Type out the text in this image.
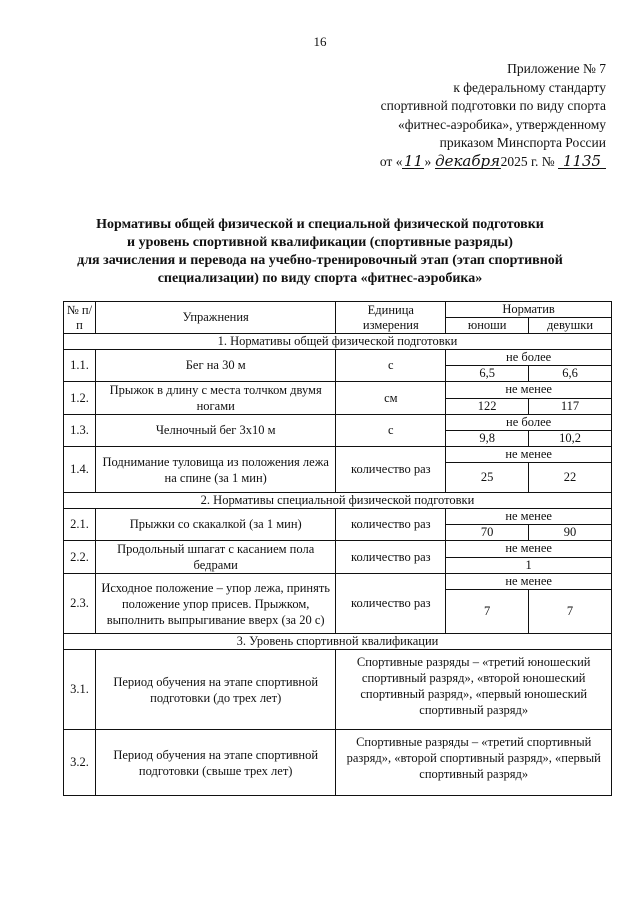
16
Приложение № 7
к федеральному стандарту
спортивной подготовки по виду спорта
«фитнес-аэробика», утвержденному
приказом Минспорта России
от «11» декабря2025 г. № 1135
Нормативы общей физической и специальной физической подготовки
и уровень спортивной квалификации (спортивные разряды)
для зачисления и перевода на учебно-тренировочный этап (этап спортивной
специализации) по виду спорта «фитнес-аэробика»
№ п/п	Упражнения	Единица измерения	Норматив	
			юноши	девушки
1. Нормативы общей физической подготовки				
1.1.	Бег на 30 м	с	не более	
			6,5	6,6
1.2.	Прыжок в длину с места толчком двумя ногами	см	не менее	
			122	117
1.3.	Челночный бег 3х10 м	с	не более	
			9,8	10,2
1.4.	Поднимание туловища из положения лежа на спине (за 1 мин)	количество раз	не менее	
			25	22
2. Нормативы специальной физической подготовки				
2.1.	Прыжки со скакалкой (за 1 мин)	количество раз	не менее	
			70	90
2.2.	Продольный шпагат с касанием пола бедрами	количество раз	не менее	
			1	
2.3.	Исходное положение – упор лежа, принять положение упор присев. Прыжком, выполнить выпрыгивание вверх (за 20 с)	количество раз	не менее	
			7	7
3. Уровень спортивной квалификации				
3.1.	Период обучения на этапе спортивной подготовки (до трех лет)	Спортивные разряды – «третий юношеский спортивный разряд», «второй юношеский спортивный разряд», «первый юношеский спортивный разряд»		
3.2.	Период обучения на этапе спортивной подготовки (свыше трех лет)	Спортивные разряды – «третий спортивный разряд», «второй спортивный разряд», «первый спортивный разряд»		
